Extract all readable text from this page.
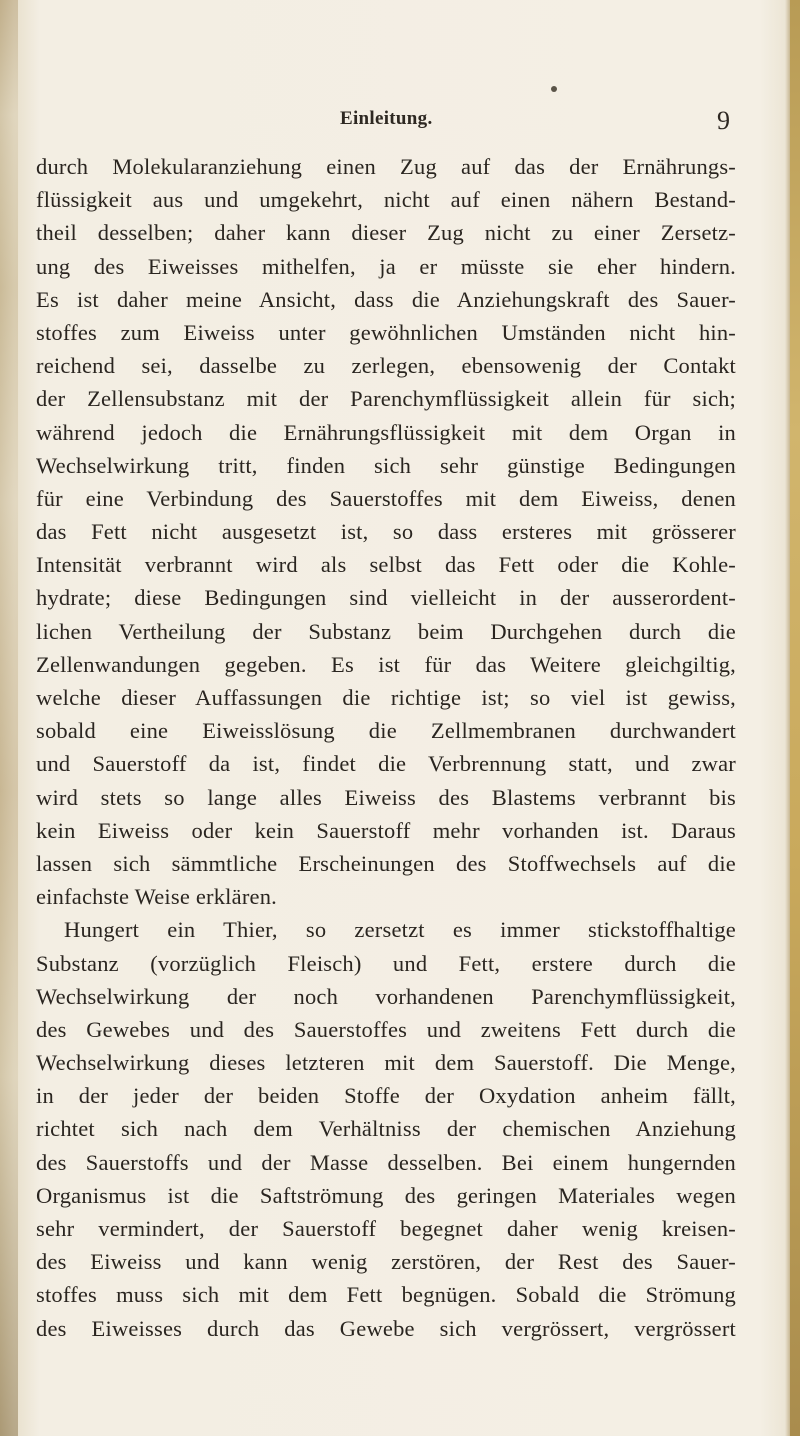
Einleitung.	9
durch Molekularanziehung einen Zug auf das der Ernährungs-
flüssigkeit aus und umgekehrt, nicht auf einen nähern Bestand-
theil desselben; daher kann dieser Zug nicht zu einer Zersetz-
ung des Eiweisses mithelfen, ja er müsste sie eher hindern.
Es ist daher meine Ansicht, dass die Anziehungskraft des Sauer-
stoffes zum Eiweiss unter gewöhnlichen Umständen nicht hin-
reichend sei, dasselbe zu zerlegen, ebensowenig der Contakt
der Zellensubstanz mit der Parenchymflüssigkeit allein für sich;
während jedoch die Ernährungsflüssigkeit mit dem Organ in
Wechselwirkung tritt, finden sich sehr günstige Bedingungen
für eine Verbindung des Sauerstoffes mit dem Eiweiss, denen
das Fett nicht ausgesetzt ist, so dass ersteres mit grösserer
Intensität verbrannt wird als selbst das Fett oder die Kohle-
hydrate; diese Bedingungen sind vielleicht in der ausserordent-
lichen Vertheilung der Substanz beim Durchgehen durch die
Zellenwandungen gegeben. Es ist für das Weitere gleichgiltig,
welche dieser Auffassungen die richtige ist; so viel ist gewiss,
sobald eine Eiweisslösung die Zellmembranen durchwandert
und Sauerstoff da ist, findet die Verbrennung statt, und zwar
wird stets so lange alles Eiweiss des Blastems verbrannt bis
kein Eiweiss oder kein Sauerstoff mehr vorhanden ist. Daraus
lassen sich sämmtliche Erscheinungen des Stoffwechsels auf die
einfachste Weise erklären.
Hungert ein Thier, so zersetzt es immer stickstoffhaltige
Substanz (vorzüglich Fleisch) und Fett, erstere durch die
Wechselwirkung der noch vorhandenen Parenchymflüssigkeit,
des Gewebes und des Sauerstoffes und zweitens Fett durch die
Wechselwirkung dieses letzteren mit dem Sauerstoff. Die Menge,
in der jeder der beiden Stoffe der Oxydation anheim fällt,
richtet sich nach dem Verhältniss der chemischen Anziehung
des Sauerstoffs und der Masse desselben. Bei einem hungernden
Organismus ist die Saftströmung des geringen Materiales wegen
sehr vermindert, der Sauerstoff begegnet daher wenig kreisen-
des Eiweiss und kann wenig zerstören, der Rest des Sauer-
stoffes muss sich mit dem Fett begnügen. Sobald die Strömung
des Eiweisses durch das Gewebe sich vergrössert, vergrössert
